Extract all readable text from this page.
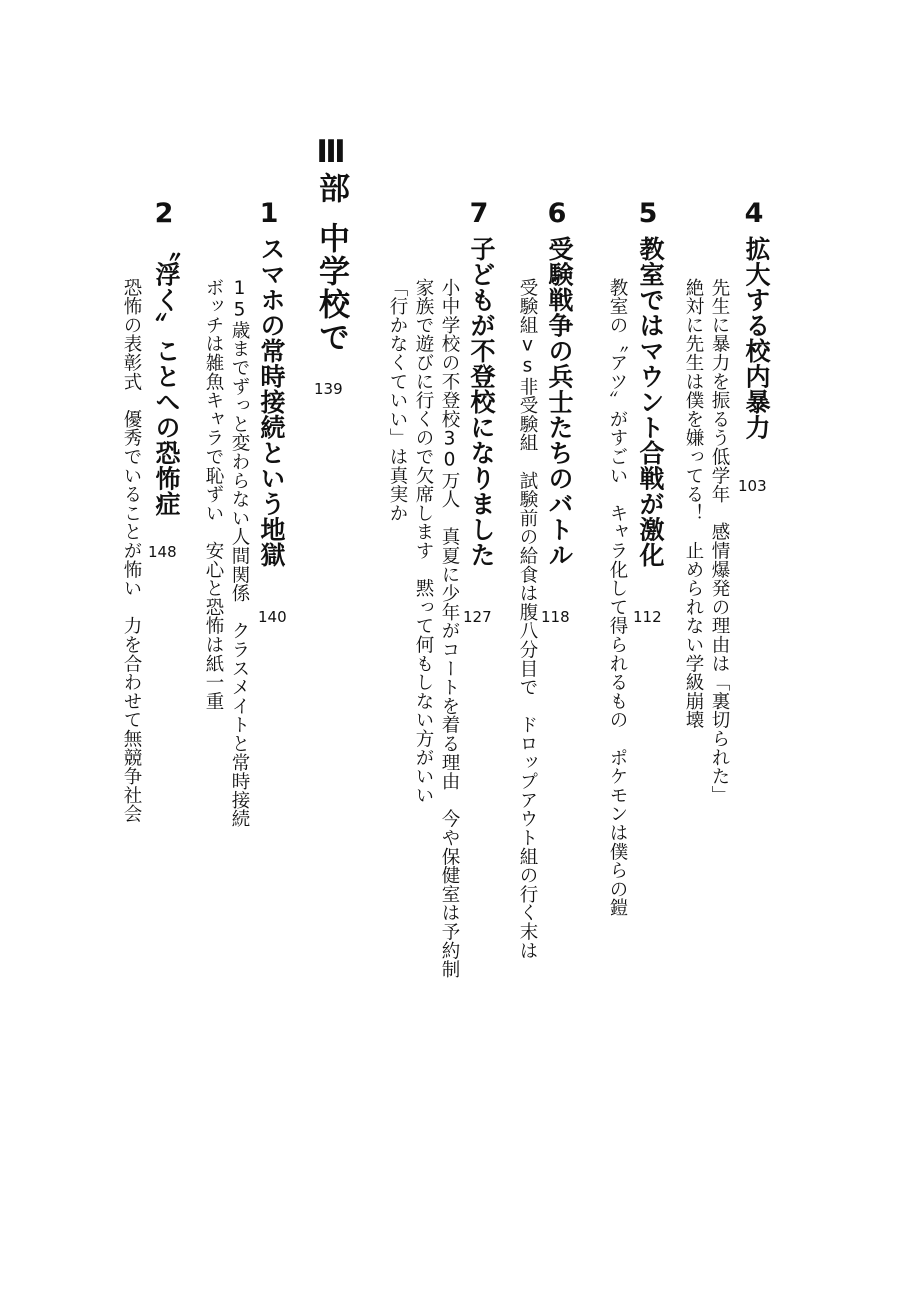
4
拡大する校内暴力
103
先生に暴力を振るう低学年　感情爆発の理由は「裏切られた」
絶対に先生は僕を嫌ってる！　止められない学級崩壊
5
教室ではマウント合戦が激化
112
教室の〝アツ〟がすごい　キャラ化して得られるもの　ポケモンは僕らの鎧
6
受験戦争の兵士たちのバトル
118
受験組vs非受験組　試験前の給食は腹八分目で　ドロップアウト組の行く末は
7
子どもが不登校になりました
127
小中学校の不登校30万人　真夏に少年がコートを着る理由　今や保健室は予約制
家族で遊びに行くので欠席します　黙って何もしない方がいい
「行かなくていい」は真実か
Ⅲ部
中学校で
139
1
スマホの常時接続という地獄
140
15歳までずっと変わらない人間関係　クラスメイトと常時接続
ボッチは雑魚キャラで恥ずい　安心と恐怖は紙一重
2
〝浮く〟ことへの恐怖症
148
恐怖の表彰式　優秀でいることが怖い　力を合わせて無競争社会
